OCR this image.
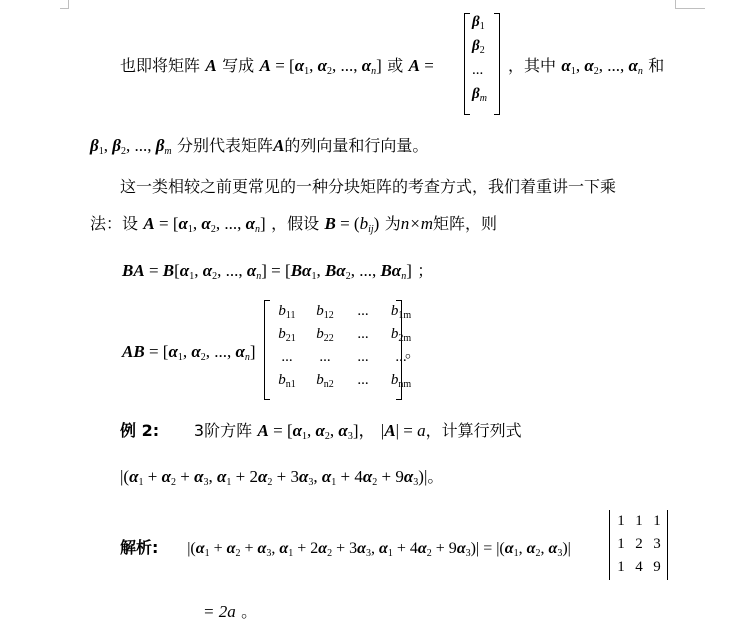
也即将矩阵 A 写成 $A = [\alpha_1$, $\alpha_2$, ..., $\alpha_n$] 或 A =
$\beta_1$
$\beta_2$
...
$\beta_m$
，其中 $\alpha_1$, $\alpha_2$, ..., $\alpha_n$ 和
$\beta_1$, $\beta_2$, ..., $\beta_m$ 分别代表矩阵A的列向量和行向量。
这一类相较之前更常见的一种分块矩阵的考查方式，我们着重讲一下乘
法：设 $A = [\alpha_1$, $\alpha_2$, ..., $\alpha_n$] ，假设 $B = (b_{ij})$ 为n×m矩阵，则
BA = $B[\alpha_1$, $\alpha_2$, ..., $\alpha_n] = [B\alpha_1$, $B\alpha_2$, ..., $B\alpha_n$] ；
AB = [$\alpha_1$, $\alpha_2$, ..., $\alpha_n$]
$b_{11}$	$b_{12}$	...	$b_{1m}$
$b_{21}$	$b_{22}$	...	$b_{2m}$
...	...	...	...
$b_{n1}$	$b_{n2}$	...	$b_{nm}$
。
例 2: 3阶方阵 $A = [\alpha_1$, $\alpha_2$, $\alpha_3$]， |A| = a，计算行列式
$|(\alpha_1 + \alpha_2 + \alpha_3$, $\alpha_1 + 2\alpha_2 + 3\alpha_3$, $\alpha_1 + 4\alpha_2 + 9\alpha_3)|$。
解析: $|(\alpha_1 + \alpha_2 + \alpha_3$, $\alpha_1 + 2\alpha_2 + 3\alpha_3$, $\alpha_1 + 4\alpha_2 + 9\alpha_3)| = |(\alpha_1$, $\alpha_2$, $\alpha_3)|$
1	1	1
1	2	3
1	4	9
= 2a 。
